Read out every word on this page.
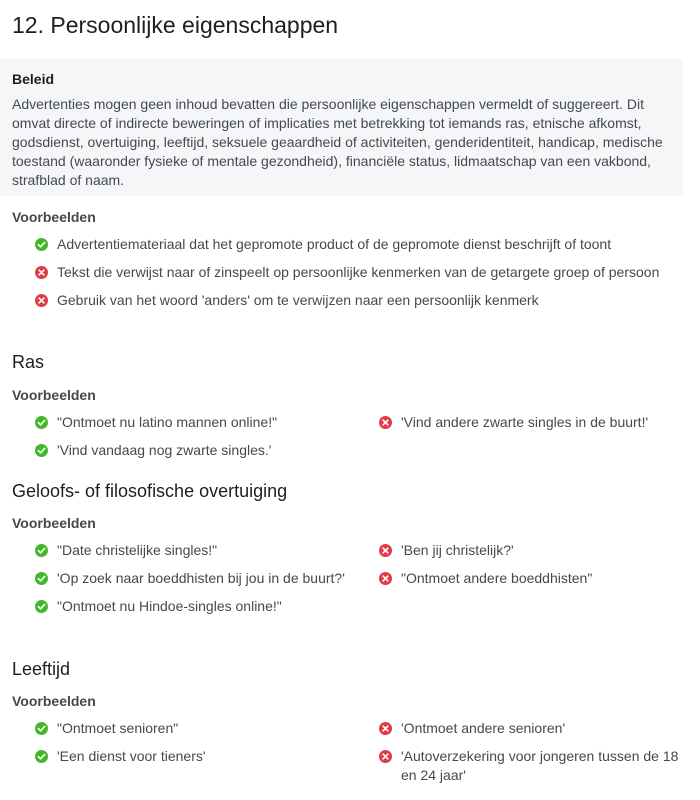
12. Persoonlijke eigenschappen
Beleid

Advertenties mogen geen inhoud bevatten die persoonlijke eigenschappen vermeldt of suggereert. Dit omvat directe of indirecte beweringen of implicaties met betrekking tot iemands ras, etnische afkomst, godsdienst, overtuiging, leeftijd, seksuele geaardheid of activiteiten, genderidentiteit, handicap, medische toestand (waaronder fysieke of mentale gezondheid), financiële status, lidmaatschap van een vakbond, strafblad of naam.

Voorbeelden
Advertentiemateriaal dat het gepromote product of de gepromote dienst beschrijft of toont
Tekst die verwijst naar of zinspeelt op persoonlijke kenmerken van de getargete groep of persoon
Gebruik van het woord 'anders' om te verwijzen naar een persoonlijk kenmerk
Ras
Voorbeelden
"Ontmoet nu latino mannen online!"
'Vind vandaag nog zwarte singles.'
'Vind andere zwarte singles in de buurt!'
Geloofs- of filosofische overtuiging
Voorbeelden
"Date christelijke singles!"
'Op zoek naar boeddhisten bij jou in de buurt?'
"Ontmoet nu Hindoe-singles online!"
'Ben jij christelijk?'
"Ontmoet andere boeddhisten"
Leeftijd
Voorbeelden
"Ontmoet senioren"
'Een dienst voor tieners'
'Ontmoet andere senioren'
'Autoverzekering voor jongeren tussen de 18 en 24 jaar'
